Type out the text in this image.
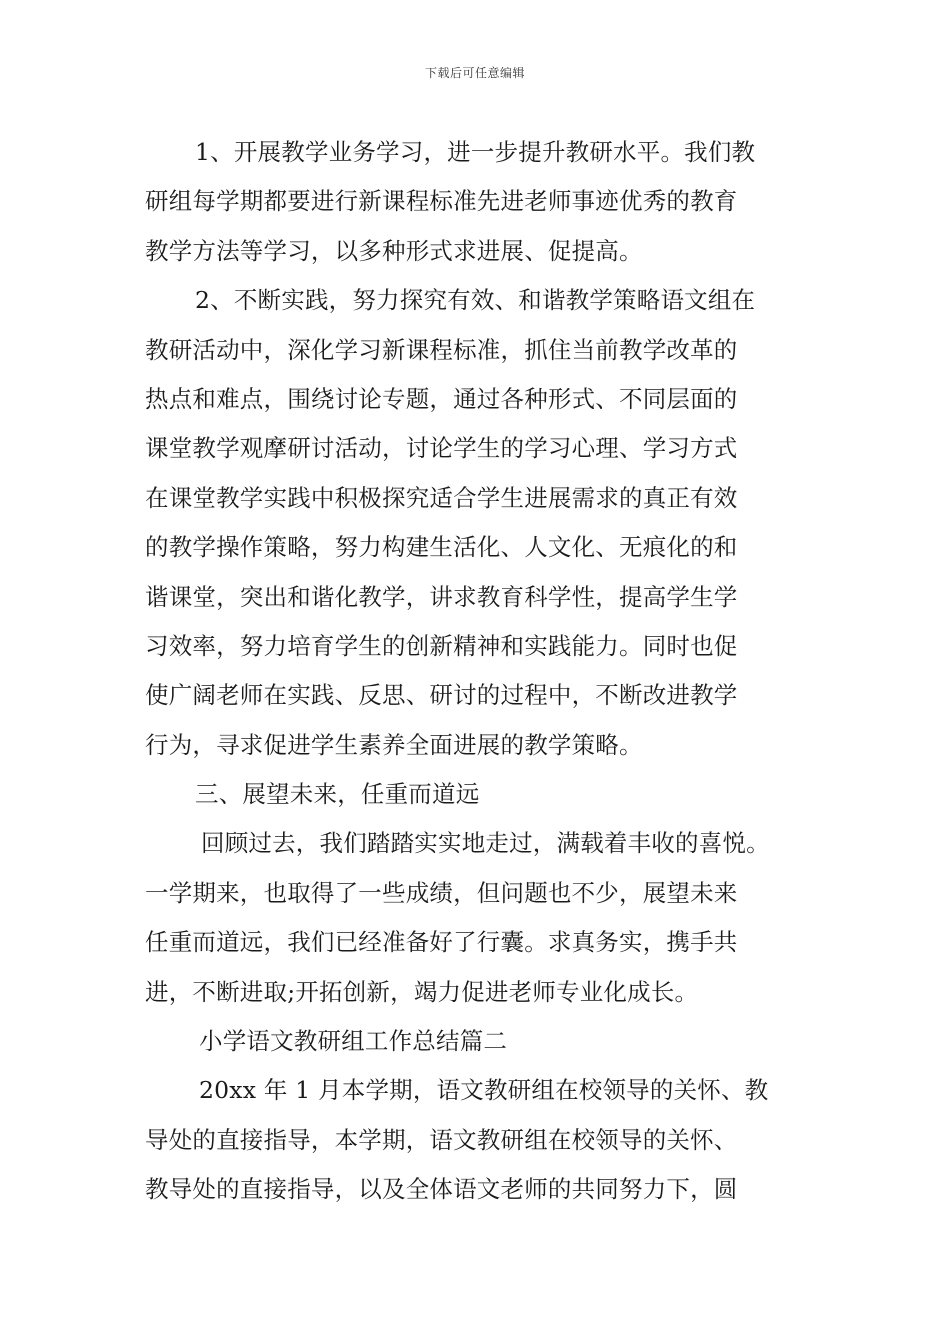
下载后可任意编辑
1、开展教学业务学习，进一步提升教研水平。我们教
研组每学期都要进行新课程标准先进老师事迹优秀的教育
教学方法等学习，以多种形式求进展、促提高。
2、不断实践，努力探究有效、和谐教学策略语文组在
教研活动中，深化学习新课程标准，抓住当前教学改革的
热点和难点，围绕讨论专题，通过各种形式、不同层面的
课堂教学观摩研讨活动，讨论学生的学习心理、学习方式
在课堂教学实践中积极探究适合学生进展需求的真正有效
的教学操作策略，努力构建生活化、人文化、无痕化的和
谐课堂，突出和谐化教学，讲求教育科学性，提高学生学
习效率，努力培育学生的创新精神和实践能力。同时也促
使广阔老师在实践、反思、研讨的过程中，不断改进教学
行为，寻求促进学生素养全面进展的教学策略。
三、展望未来，任重而道远
回顾过去，我们踏踏实实地走过，满载着丰收的喜悦。
一学期来，也取得了一些成绩，但问题也不少，展望未来
任重而道远，我们已经准备好了行囊。求真务实，携手共
进，不断进取;开拓创新，竭力促进老师专业化成长。
小学语文教研组工作总结篇二
20xx 年 1 月本学期，语文教研组在校领导的关怀、教
导处的直接指导，本学期，语文教研组在校领导的关怀、
教导处的直接指导，以及全体语文老师的共同努力下，圆
